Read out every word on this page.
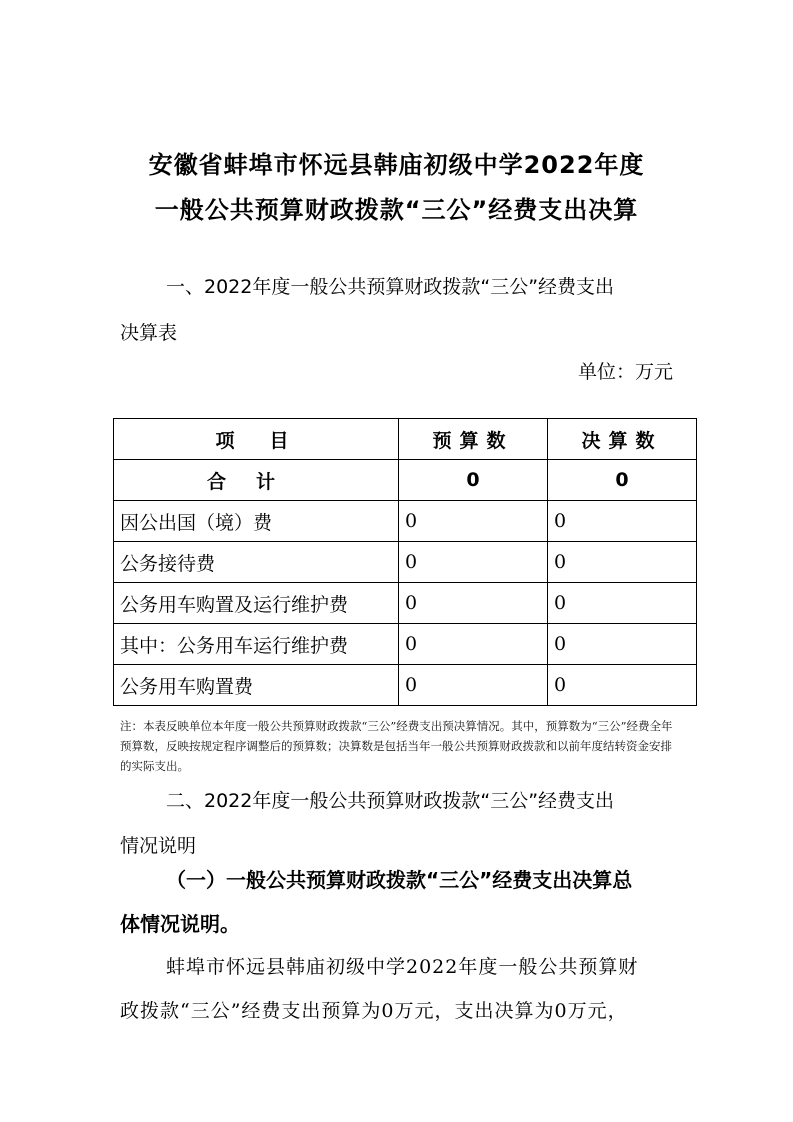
安徽省蚌埠市怀远县韩庙初级中学2022年度
一般公共预算财政拨款“三公”经费支出决算
一、2022年度一般公共预算财政拨款“三公”经费支出
决算表
单位：万元
项　目	预算数	决算数
合计	0	0
因公出国（境）费	0	0
公务接待费	0	0
公务用车购置及运行维护费	0	0
其中：公务用车运行维护费	0	0
公务用车购置费	0	0
注：本表反映单位本年度一般公共预算财政拨款“三公”经费支出预决算情况。其中，预算数为“三公”经费全年预算数，反映按规定程序调整后的预算数；决算数是包括当年一般公共预算财政拨款和以前年度结转资金安排的实际支出。
二、2022年度一般公共预算财政拨款“三公”经费支出
情况说明
（一）一般公共预算财政拨款“三公”经费支出决算总
体情况说明。
蚌埠市怀远县韩庙初级中学2022年度一般公共预算财
政拨款“三公”经费支出预算为0万元，支出决算为0万元，
